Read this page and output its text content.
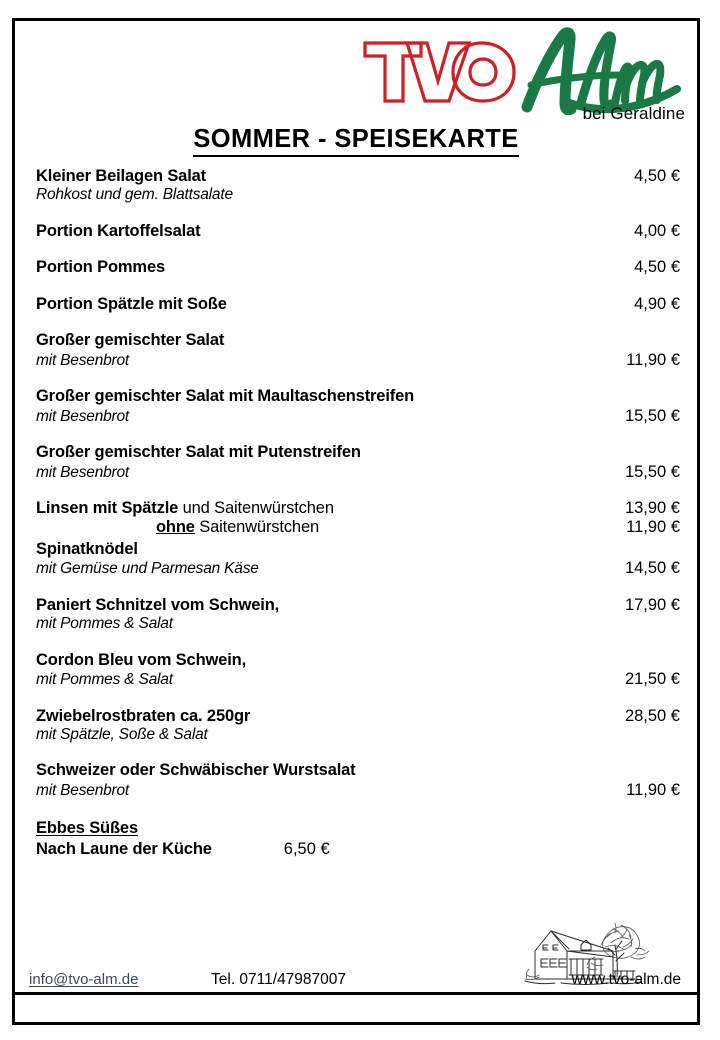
bei Geraldine
SOMMER - SPEISEKARTE
Kleiner Beilagen Salat	4,50 €
Rohkost und gem. Blattsalate
Portion Kartoffelsalat	4,00 €
Portion Pommes	4,50 €
Portion Spätzle mit Soße	4,90 €
Großer gemischter Salat
mit Besenbrot	11,90 €
Großer gemischter Salat mit Maultaschenstreifen
mit Besenbrot	15,50 €
Großer gemischter Salat mit Putenstreifen
mit Besenbrot	15,50 €
Linsen mit Spätzle und Saitenwürstchen	13,90 €
ohne Saitenwürstchen	11,90 €
Spinatknödel
mit Gemüse und Parmesan Käse	14,50 €
Paniert Schnitzel vom Schwein,	17,90 €
mit Pommes & Salat
Cordon Bleu vom Schwein,
mit Pommes & Salat	21,50 €
Zwiebelrostbraten ca. 250gr	28,50 €
mit Spätzle, Soße & Salat
Schweizer oder Schwäbischer Wurstsalat
mit Besenbrot	11,90 €
Ebbes Süßes
Nach Laune der Küche	6,50 €
info@tvo-alm.de	Tel. 0711/47987007	www.tvo-alm.de
